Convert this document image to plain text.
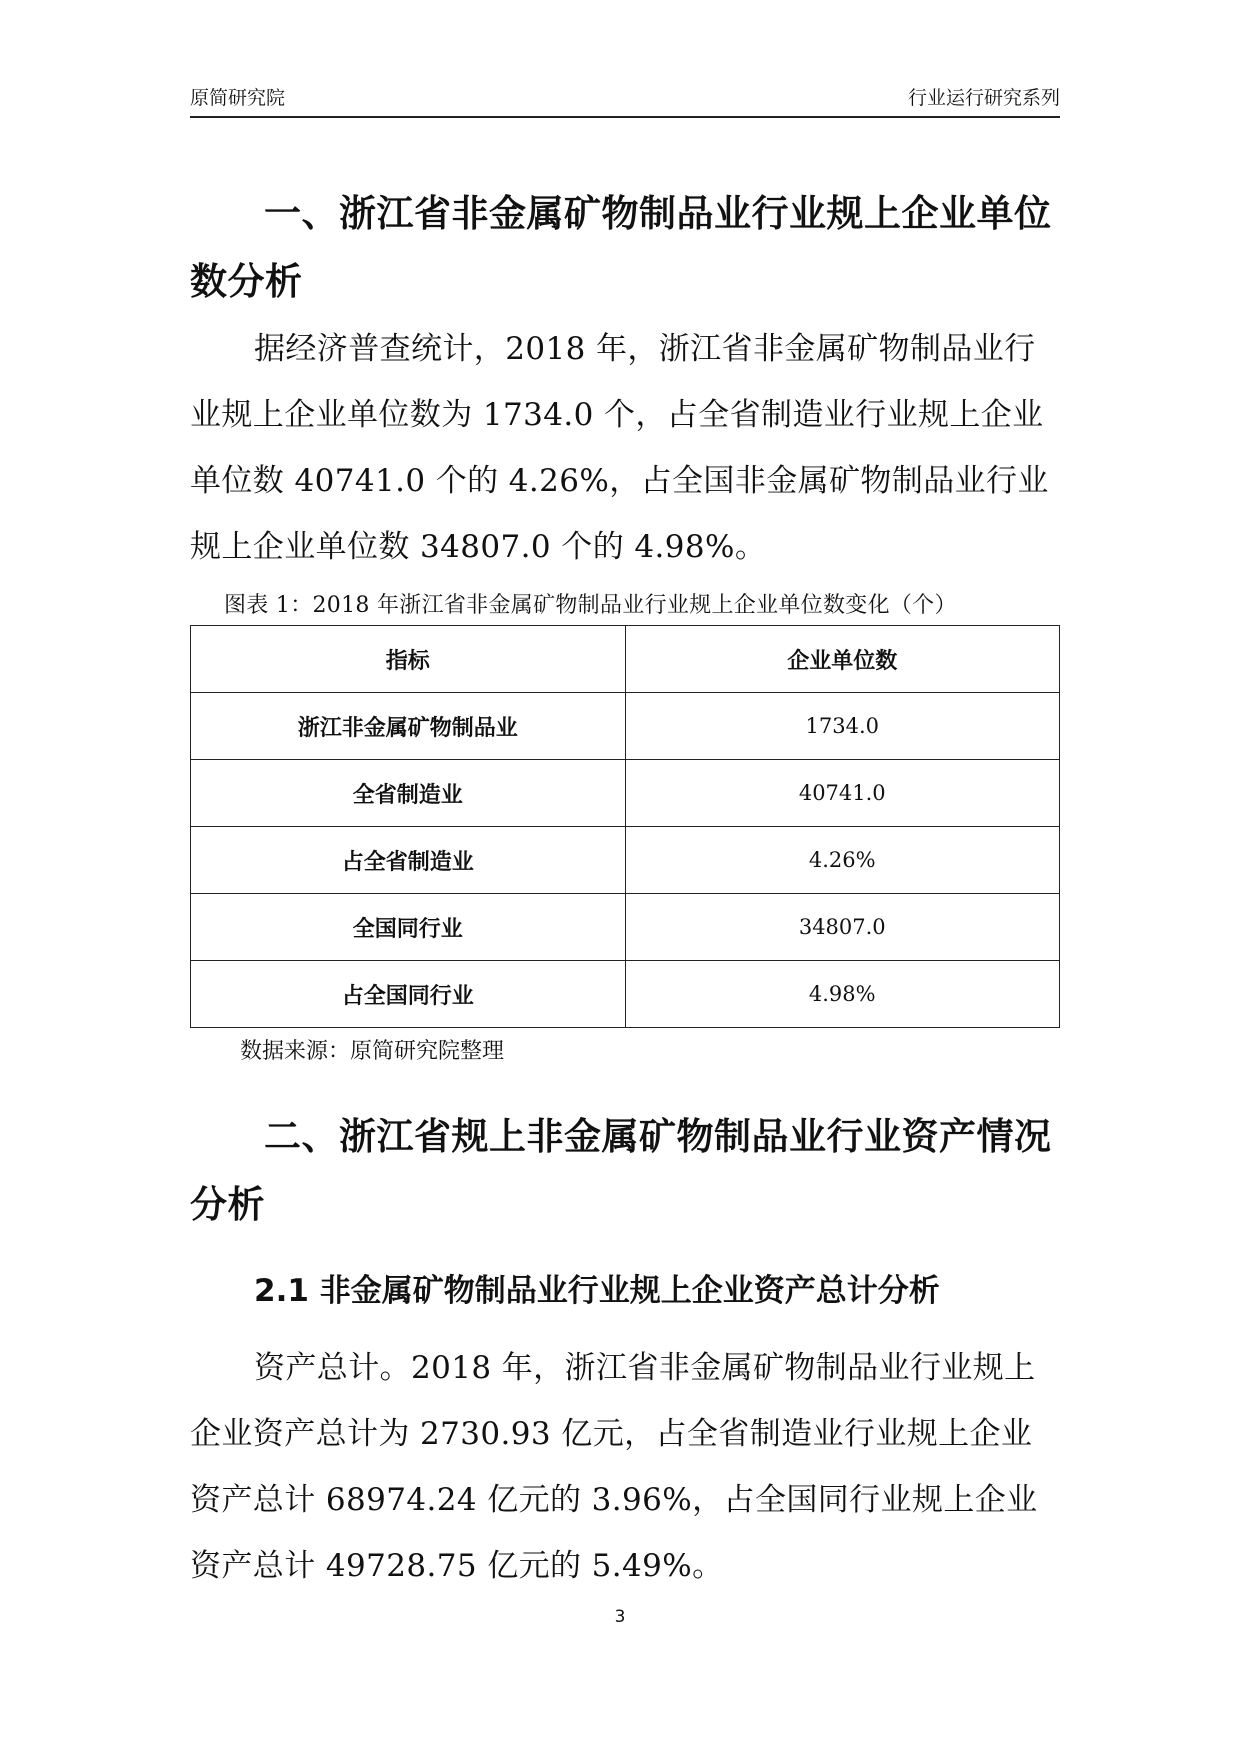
原简研究院	行业运行研究系列
一、浙江省非金属矿物制品业行业规上企业单位数分析

据经济普查统计，2018 年，浙江省非金属矿物制品业行业规上企业单位数为 1734.0 个，占全省制造业行业规上企业单位数 40741.0 个的 4.26%，占全国非金属矿物制品业行业规上企业单位数 34807.0 个的 4.98%。

图表 1：2018 年浙江省非金属矿物制品业行业规上企业单位数变化（个）
指标	企业单位数
浙江非金属矿物制品业	1734.0
全省制造业	40741.0
占全省制造业	4.26%
全国同行业	34807.0
占全国同行业	4.98%
数据来源：原简研究院整理
二、浙江省规上非金属矿物制品业行业资产情况分析
2.1 非金属矿物制品业行业规上企业资产总计分析

资产总计。2018 年，浙江省非金属矿物制品业行业规上企业资产总计为 2730.93 亿元，占全省制造业行业规上企业资产总计 68974.24 亿元的 3.96%，占全国同行业规上企业资产总计 49728.75 亿元的 5.49%。

3
